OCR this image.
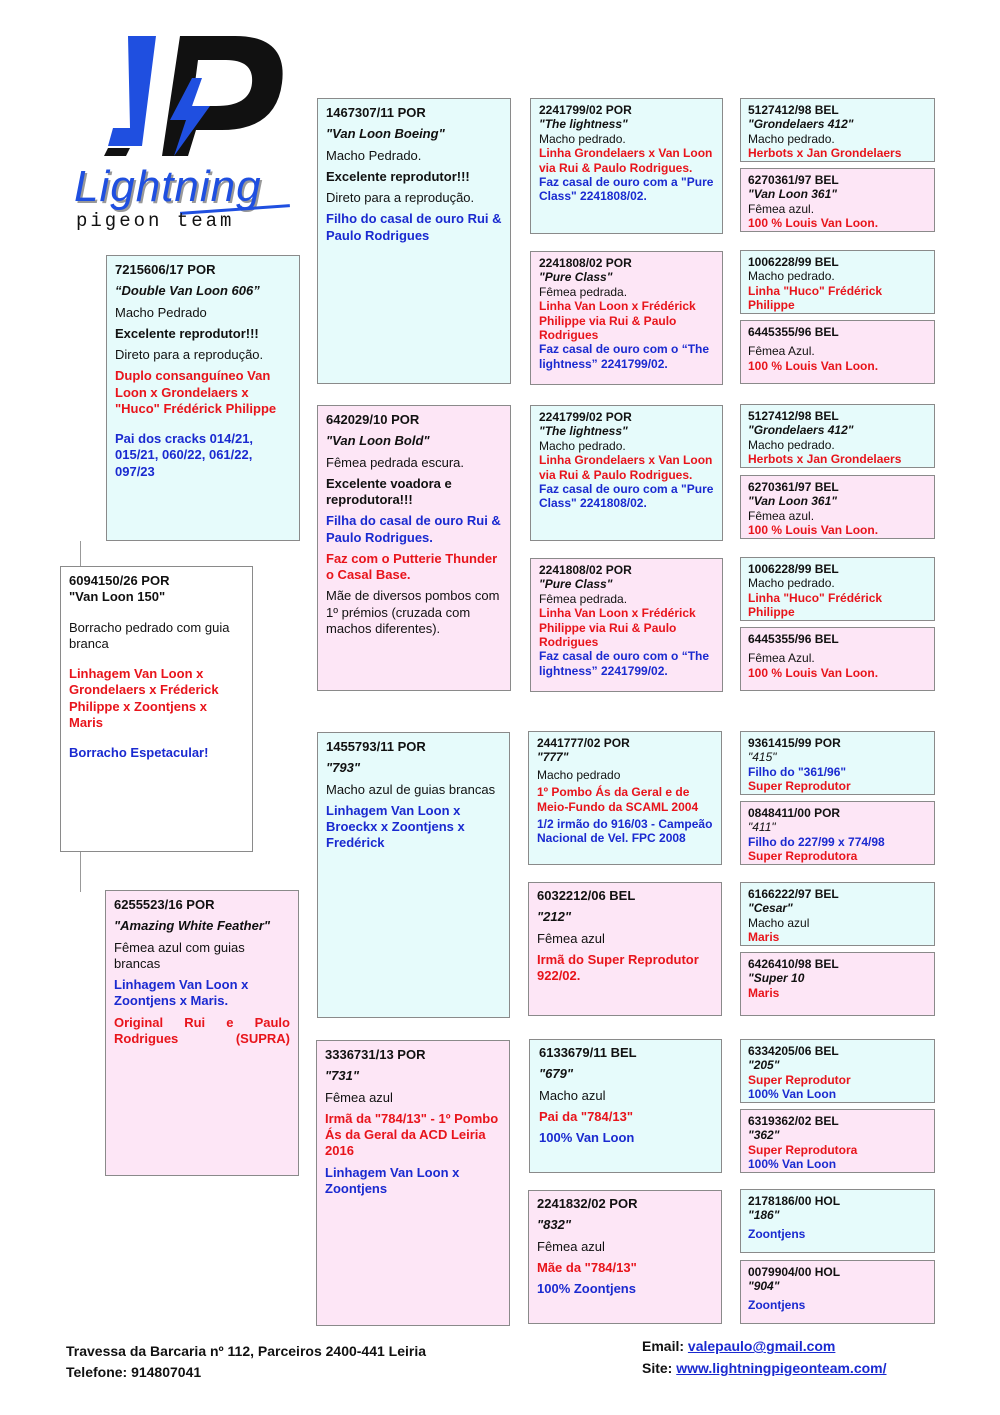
Lightning
pigeon team
6094150/26 POR
"Van Loon 150"
Borracho pedrado com guia branca
Linhagem Van Loon x Grondelaers x Fréderick Philippe x Zoontjens x Maris
Borracho Espetacular!
7215606/17 POR
“Double Van Loon 606”
Macho Pedrado
Excelente reprodutor!!!
Direto para a reprodução.
Duplo consanguíneo Van Loon x Grondelaers x "Huco" Frédérick Philippe
Pai dos cracks 014/21, 015/21, 060/22, 061/22, 097/23
6255523/16 POR
"Amazing White Feather"
Fêmea azul com guias brancas
Linhagem Van Loon x Zoontjens x Maris.
Original Rui e Paulo Rodrigues (SUPRA)
1467307/11 POR
"Van Loon Boeing"
Macho Pedrado.
Excelente reprodutor!!!
Direto para a reprodução.
Filho do casal de ouro Rui & Paulo Rodrigues
642029/10 POR
"Van Loon Bold"
Fêmea pedrada escura.
Excelente voadora e reprodutora!!!
Filha do casal de ouro Rui & Paulo Rodrigues.
Faz com o Putterie Thunder o Casal Base.
Mãe de diversos pombos com 1º prémios (cruzada com machos diferentes).
1455793/11 POR
"793"
Macho azul de guias brancas
Linhagem Van Loon x Broeckx x Zoontjens x Fredérick
3336731/13 POR
"731"
Fêmea azul
Irmã da "784/13" - 1º Pombo Ás da Geral da ACD Leiria 2016
Linhagem Van Loon x Zoontjens
2241799/02 POR
"The lightness"
Macho pedrado.
Linha Grondelaers x Van Loon via Rui & Paulo Rodrigues.
Faz casal de ouro com a "Pure Class" 2241808/02.
2241808/02 POR
"Pure Class"
Fêmea pedrada.
Linha Van Loon x Frédérick Philippe via Rui & Paulo Rodrigues
Faz casal de ouro com o “The lightness” 2241799/02.
2241799/02 POR
"The lightness"
Macho pedrado.
Linha Grondelaers x Van Loon via Rui & Paulo Rodrigues.
Faz casal de ouro com a "Pure Class" 2241808/02.
2241808/02 POR
"Pure Class"
Fêmea pedrada.
Linha Van Loon x Frédérick Philippe via Rui & Paulo Rodrigues
Faz casal de ouro com o “The lightness” 2241799/02.
2441777/02 POR
"777"
Macho pedrado
1º Pombo Ás da Geral e de Meio-Fundo da SCAML 2004
1/2 irmão do 916/03 - Campeão Nacional de Vel. FPC 2008
6032212/06 BEL
"212"
Fêmea azul
Irmã do Super Reprodutor 922/02.
6133679/11 BEL
"679"
Macho azul
Pai da "784/13"
100% Van Loon
2241832/02 POR
"832"
Fêmea azul
Mãe da "784/13"
100% Zoontjens
5127412/98 BEL
"Grondelaers 412"
Macho pedrado.
Herbots x Jan Grondelaers
6270361/97 BEL
"Van Loon 361"
Fêmea azul.
100 % Louis Van Loon.
1006228/99 BEL
Macho pedrado.
Linha "Huco" Frédérick Philippe
6445355/96 BEL
Fêmea Azul.
100 % Louis Van Loon.
5127412/98 BEL
"Grondelaers 412"
Macho pedrado.
Herbots x Jan Grondelaers
6270361/97 BEL
"Van Loon 361"
Fêmea azul.
100 % Louis Van Loon.
1006228/99 BEL
Macho pedrado.
Linha "Huco" Frédérick Philippe
6445355/96 BEL
Fêmea Azul.
100 % Louis Van Loon.
9361415/99 POR
"415"
Filho do "361/96"
Super Reprodutor
0848411/00 POR
"411"
Filho do 227/99 x 774/98
Super Reprodutora
6166222/97 BEL
"Cesar"
Macho azul
Maris
6426410/98 BEL
"Super 10
Maris
6334205/06 BEL
"205"
Super Reprodutor
100% Van Loon
6319362/02 BEL
"362"
Super Reprodutora
100% Van Loon
2178186/00 HOL
"186"
Zoontjens
0079904/00 HOL
"904"
Zoontjens
Travessa da Barcaria nº 112, Parceiros 2400-441 Leiria
Telefone: 914807041
Email: valepaulo@gmail.com
Site: www.lightningpigeonteam.com/
